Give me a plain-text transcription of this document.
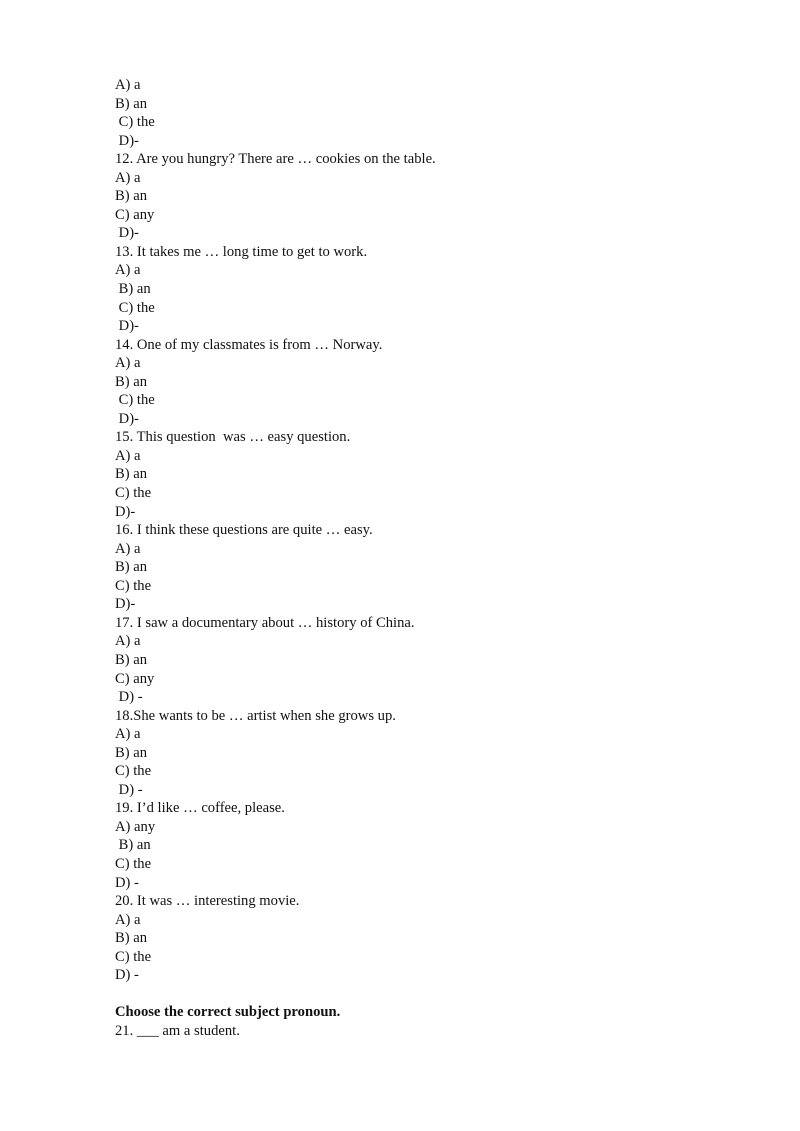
A) a
B) an
C) the
D)-
12. Are you hungry? There are … cookies on the table.
A) a
B) an
C) any
D)-
13. It takes me … long time to get to work.
A) a
B) an
C) the
D)-
14. One of my classmates is from … Norway.
A) a
B) an
C) the
D)-
15. This question  was … easy question.
A) a
B) an
C) the
D)-
16. I think these questions are quite … easy.
A) a
B) an
C) the
D)-
17. I saw a documentary about … history of China.
A) a
B) an
C) any
D) -
18.She wants to be … artist when she grows up.
A) a
B) an
C) the
D) -
19. I’d like … coffee, please.
A) any
B) an
C) the
D) -
20. It was … interesting movie.
A) a
B) an
C) the
D) -
Choose the correct subject pronoun.
21. ___ am a student.
